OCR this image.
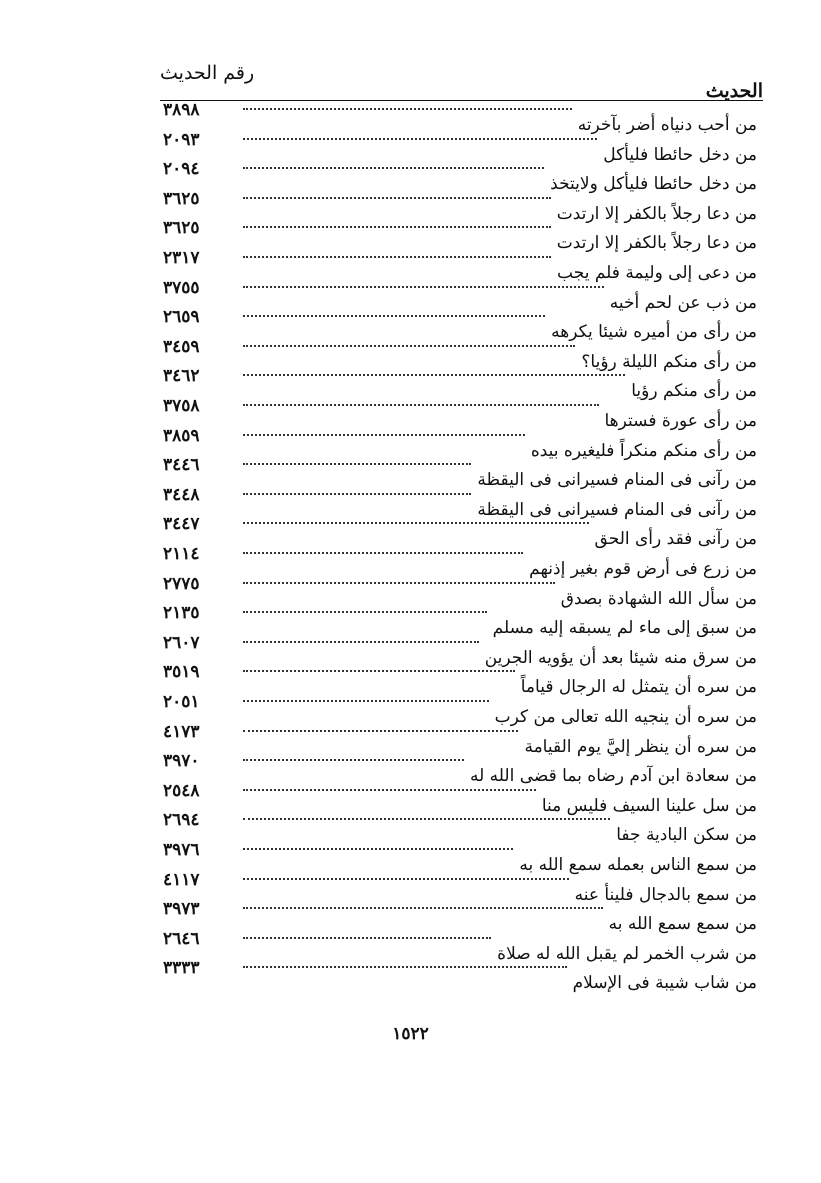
الحديث
رقم الحديث
٣٨٩٨
من أحب دنياه أضر بآخرته
٢٠٩٣
من دخل حائطا فليأكل
٢٠٩٤
من دخل حائطا فليأكل ولايتخذ
٣٦٢٥
من دعا رجلاً بالكفر إلا ارتدت
٣٦٢٥
من دعا رجلاً بالكفر إلا ارتدت
٢٣١٧
من دعى إلى وليمة فلم يجب
٣٧٥٥
من ذب عن لحم أخيه
٢٦٥٩
من رأى من أميره شيئا يكرهه
٣٤٥٩
من رأى منكم الليلة رؤيا؟
٣٤٦٢
من رأى منكم رؤيا
٣٧٥٨
من رأى عورة فسترها
٣٨٥٩
من رأى منكم منكراً فليغيره بيده
٣٤٤٦
من رآنى فى المنام فسيرانى فى اليقظة
٣٤٤٨
من رآنى فى المنام فسيرانى فى اليقظة
٣٤٤٧
من رآنى فقد رأى الحق
٢١١٤
من زرع فى أرض قوم بغير إذنهم
٢٧٧٥
من سأل الله الشهادة بصدق
٢١٣٥
من سبق إلى ماء لم يسبقه إليه مسلم
٢٦٠٧
من سرق منه شيئا بعد أن يؤويه الجرين
٣٥١٩
من سره أن يتمثل له الرجال قياماً
٢٠٥١
من سره أن ينجيه الله تعالى من كرب
٤١٧٣
من سره أن ينظر إليَّ يوم القيامة
٣٩٧٠
من سعادة ابن آدم رضاه بما قضى الله له
٢٥٤٨
من سل علينا السيف فليس منا
٢٦٩٤
من سكن البادية جفا
٣٩٧٦
من سمع الناس بعمله سمع الله به
٤١١٧
من سمع بالدجال فلينأ عنه
٣٩٧٣
من سمع سمع الله به
٢٦٤٦
من شرب الخمر لم يقبل الله له صلاة
٣٣٣٣
من شاب شيبة فى الإسلام
١٥٢٢
